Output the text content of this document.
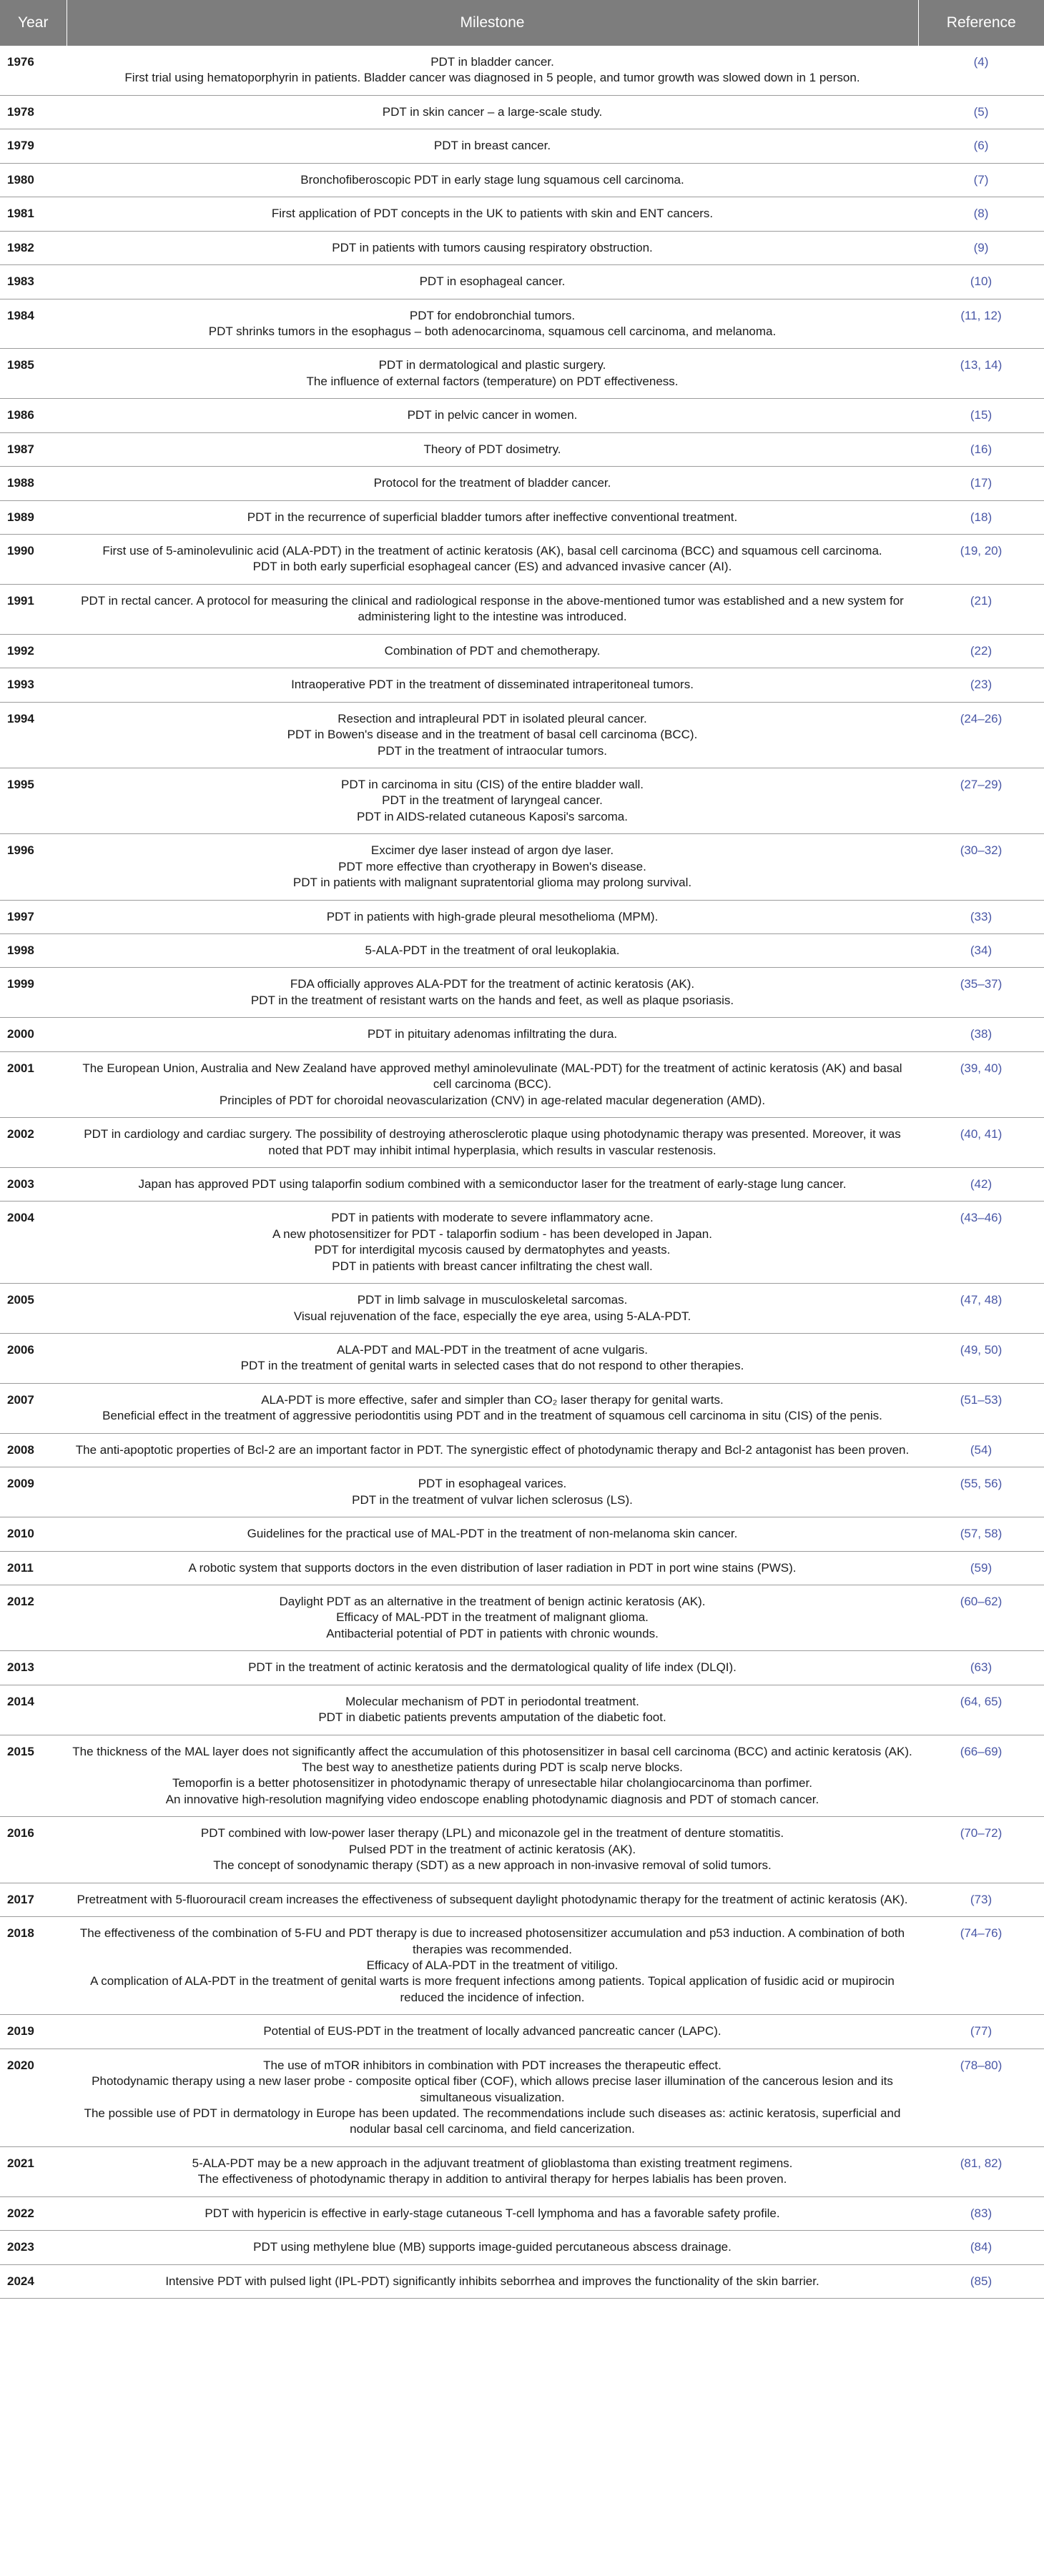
Year	Milestone	Reference
1976	PDT in bladder cancer.
First trial using hematoporphyrin in patients. Bladder cancer was diagnosed in 5 people, and tumor growth was slowed down in 1 person.	(4)
1978	PDT in skin cancer – a large-scale study.	(5)
1979	PDT in breast cancer.	(6)
1980	Bronchofiberoscopic PDT in early stage lung squamous cell carcinoma.	(7)
1981	First application of PDT concepts in the UK to patients with skin and ENT cancers.	(8)
1982	PDT in patients with tumors causing respiratory obstruction.	(9)
1983	PDT in esophageal cancer.	(10)
1984	PDT for endobronchial tumors.
PDT shrinks tumors in the esophagus – both adenocarcinoma, squamous cell carcinoma, and melanoma.	(11, 12)
1985	PDT in dermatological and plastic surgery.
The influence of external factors (temperature) on PDT effectiveness.	(13, 14)
1986	PDT in pelvic cancer in women.	(15)
1987	Theory of PDT dosimetry.	(16)
1988	Protocol for the treatment of bladder cancer.	(17)
1989	PDT in the recurrence of superficial bladder tumors after ineffective conventional treatment.	(18)
1990	First use of 5-aminolevulinic acid (ALA-PDT) in the treatment of actinic keratosis (AK), basal cell carcinoma (BCC) and squamous cell carcinoma.
PDT in both early superficial esophageal cancer (ES) and advanced invasive cancer (AI).	(19, 20)
1991	PDT in rectal cancer. A protocol for measuring the clinical and radiological response in the above-mentioned tumor was established and a new system for administering light to the intestine was introduced.	(21)
1992	Combination of PDT and chemotherapy.	(22)
1993	Intraoperative PDT in the treatment of disseminated intraperitoneal tumors.	(23)
1994	Resection and intrapleural PDT in isolated pleural cancer.
PDT in Bowen's disease and in the treatment of basal cell carcinoma (BCC).
PDT in the treatment of intraocular tumors.	(24–26)
1995	PDT in carcinoma in situ (CIS) of the entire bladder wall.
PDT in the treatment of laryngeal cancer.
PDT in AIDS-related cutaneous Kaposi's sarcoma.	(27–29)
1996	Excimer dye laser instead of argon dye laser.
PDT more effective than cryotherapy in Bowen's disease.
PDT in patients with malignant supratentorial glioma may prolong survival.	(30–32)
1997	PDT in patients with high-grade pleural mesothelioma (MPM).	(33)
1998	5-ALA-PDT in the treatment of oral leukoplakia.	(34)
1999	FDA officially approves ALA-PDT for the treatment of actinic keratosis (AK).
PDT in the treatment of resistant warts on the hands and feet, as well as plaque psoriasis.	(35–37)
2000	PDT in pituitary adenomas infiltrating the dura.	(38)
2001	The European Union, Australia and New Zealand have approved methyl aminolevulinate (MAL-PDT) for the treatment of actinic keratosis (AK) and basal cell carcinoma (BCC).
Principles of PDT for choroidal neovascularization (CNV) in age-related macular degeneration (AMD).	(39, 40)
2002	PDT in cardiology and cardiac surgery. The possibility of destroying atherosclerotic plaque using photodynamic therapy was presented. Moreover, it was noted that PDT may inhibit intimal hyperplasia, which results in vascular restenosis.	(40, 41)
2003	Japan has approved PDT using talaporfin sodium combined with a semiconductor laser for the treatment of early-stage lung cancer.	(42)
2004	PDT in patients with moderate to severe inflammatory acne.
A new photosensitizer for PDT - talaporfin sodium - has been developed in Japan.
PDT for interdigital mycosis caused by dermatophytes and yeasts.
PDT in patients with breast cancer infiltrating the chest wall.	(43–46)
2005	PDT in limb salvage in musculoskeletal sarcomas.
Visual rejuvenation of the face, especially the eye area, using 5-ALA-PDT.	(47, 48)
2006	ALA-PDT and MAL-PDT in the treatment of acne vulgaris.
PDT in the treatment of genital warts in selected cases that do not respond to other therapies.	(49, 50)
2007	ALA-PDT is more effective, safer and simpler than CO₂ laser therapy for genital warts.
Beneficial effect in the treatment of aggressive periodontitis using PDT and in the treatment of squamous cell carcinoma in situ (CIS) of the penis.	(51–53)
2008	The anti-apoptotic properties of Bcl-2 are an important factor in PDT. The synergistic effect of photodynamic therapy and Bcl-2 antagonist has been proven.	(54)
2009	PDT in esophageal varices.
PDT in the treatment of vulvar lichen sclerosus (LS).	(55, 56)
2010	Guidelines for the practical use of MAL-PDT in the treatment of non-melanoma skin cancer.	(57, 58)
2011	A robotic system that supports doctors in the even distribution of laser radiation in PDT in port wine stains (PWS).	(59)
2012	Daylight PDT as an alternative in the treatment of benign actinic keratosis (AK).
Efficacy of MAL-PDT in the treatment of malignant glioma.
Antibacterial potential of PDT in patients with chronic wounds.	(60–62)
2013	PDT in the treatment of actinic keratosis and the dermatological quality of life index (DLQI).	(63)
2014	Molecular mechanism of PDT in periodontal treatment.
PDT in diabetic patients prevents amputation of the diabetic foot.	(64, 65)
2015	The thickness of the MAL layer does not significantly affect the accumulation of this photosensitizer in basal cell carcinoma (BCC) and actinic keratosis (AK).
The best way to anesthetize patients during PDT is scalp nerve blocks.
Temoporfin is a better photosensitizer in photodynamic therapy of unresectable hilar cholangiocarcinoma than porfimer.
An innovative high-resolution magnifying video endoscope enabling photodynamic diagnosis and PDT of stomach cancer.	(66–69)
2016	PDT combined with low-power laser therapy (LPL) and miconazole gel in the treatment of denture stomatitis.
Pulsed PDT in the treatment of actinic keratosis (AK).
The concept of sonodynamic therapy (SDT) as a new approach in non-invasive removal of solid tumors.	(70–72)
2017	Pretreatment with 5-fluorouracil cream increases the effectiveness of subsequent daylight photodynamic therapy for the treatment of actinic keratosis (AK).	(73)
2018	The effectiveness of the combination of 5-FU and PDT therapy is due to increased photosensitizer accumulation and p53 induction. A combination of both therapies was recommended.
Efficacy of ALA-PDT in the treatment of vitiligo.
A complication of ALA-PDT in the treatment of genital warts is more frequent infections among patients. Topical application of fusidic acid or mupirocin reduced the incidence of infection.	(74–76)
2019	Potential of EUS-PDT in the treatment of locally advanced pancreatic cancer (LAPC).	(77)
2020	The use of mTOR inhibitors in combination with PDT increases the therapeutic effect.
Photodynamic therapy using a new laser probe - composite optical fiber (COF), which allows precise laser illumination of the cancerous lesion and its simultaneous visualization.
The possible use of PDT in dermatology in Europe has been updated. The recommendations include such diseases as: actinic keratosis, superficial and nodular basal cell carcinoma, and field cancerization.	(78–80)
2021	5-ALA-PDT may be a new approach in the adjuvant treatment of glioblastoma than existing treatment regimens.
The effectiveness of photodynamic therapy in addition to antiviral therapy for herpes labialis has been proven.	(81, 82)
2022	PDT with hypericin is effective in early-stage cutaneous T-cell lymphoma and has a favorable safety profile.	(83)
2023	PDT using methylene blue (MB) supports image-guided percutaneous abscess drainage.	(84)
2024	Intensive PDT with pulsed light (IPL-PDT) significantly inhibits seborrhea and improves the functionality of the skin barrier.	(85)
